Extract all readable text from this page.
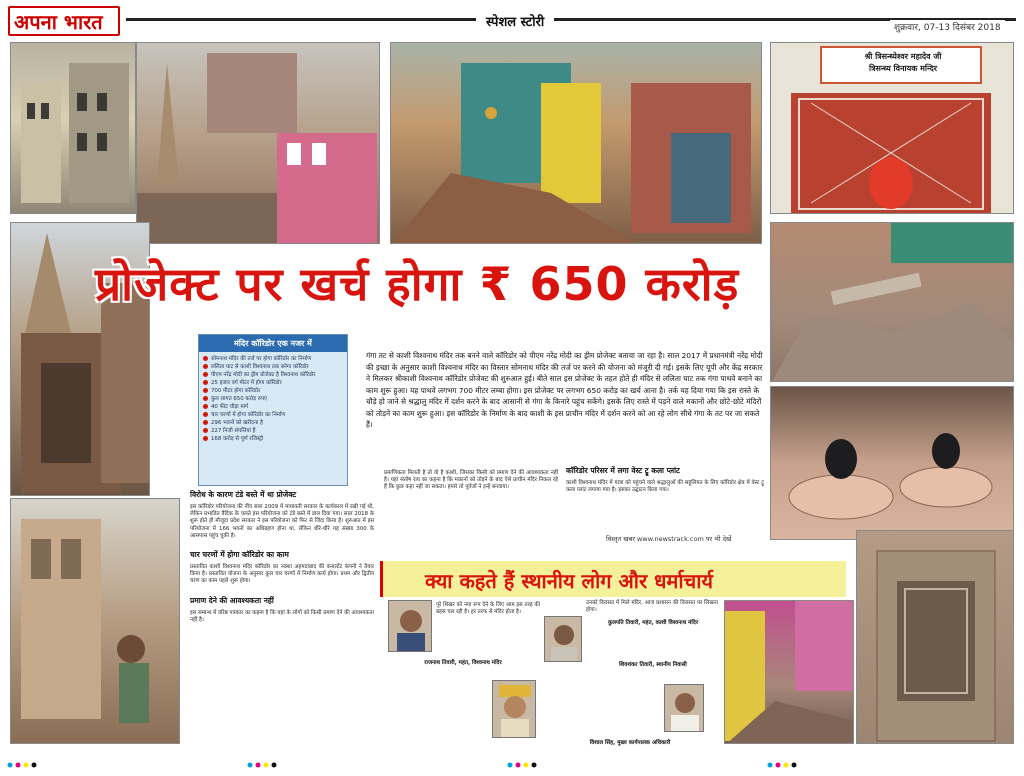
अपना भारत	स्पेशल स्टोरी	शुक्रवार, 07-13 दिसंबर 2018
श्री त्रिसन्ध्येश्वर महादेव जी
त्रिसन्ध्य विनायक मन्दिर
प्रोजेक्ट पर खर्च होगा ₹ 650 करोड़
मंदिर कॉरिडोर एक नजर में
सोमनाथ मंदिर की तर्ज पर होगा कॉरिडोर का निर्माण
ललिता घाट से काशी विश्वनाथ तक बनेगा कॉरिडोर
पीएम नरेंद्र मोदी का ड्रीम प्रोजेक्ट है विश्वनाथ कॉरिडोर
25 हजार वर्ग मीटर में होगा कॉरिडोर
700 मीटर होगा कॉरिडोर
कुल लागत 650 करोड़ रुपए
40 फीट चौड़ा मार्ग
चार चरणों में होगा कॉरिडोर का निर्माण
296 भवनों को खरीदना है
227 निजी संपत्तियां हैं
168 करोड़ से पूर्ण रजिस्ट्री
गंगा तट से काशी विश्वनाथ मंदिर तक बनने वाले कॉरिडोर को पीएम नरेंद्र मोदी का ड्रीम प्रोजेक्ट बताया जा रहा है। साल 2017 में प्रधानमंत्री नरेंद्र मोदी की इच्छा के अनुसार काशी विश्वनाथ मंदिर का विस्तार सोमनाथ मंदिर की तर्ज पर करने की योजना को मंजूरी दी गई। इसके लिए यूपी और केंद्र सरकार ने मिलकर श्रीकाशी विश्वनाथ कॉरिडोर प्रोजेक्ट की शुरुआत हुई। बीते साल इस प्रोजेक्ट के तहत होते ही मंदिर से ललिता घाट तक गंगा पाथवे बनाने का काम शुरू हुआ। यह पाथवे लगभग 700 मीटर लम्बा होगा। इस प्रोजेक्ट पर लगभग 650 करोड़ का खर्च आना है। तर्क यह दिया गया कि इस रास्ते के चौड़े हो जाने से श्रद्धालु मंदिर में दर्शन करने के बाद आसानी से गंगा के किनारे पहुंच सकेंगे। इसके लिए रास्ते में पड़ने वाले मकानों और छोटे-छोटे मंदिरों को तोड़ने का काम शुरू हुआ। इस कॉरिडोर के निर्माण के बाद काशी के इस प्राचीन मंदिर में दर्शन करने को आ रहे लोग सीधे गंगा के तट पर जा सकते हैं।
विरोध के कारण टंडे बस्ते में था प्रोजेक्ट
इस कॉरिडोर परियोजना की नींव साल 2009 में मायावती सरकार के कार्यकाल में रखी गई थी, लेकिन प्रभावित वैदिक के चलते इस परियोजना को टंडे बस्ते में डाल दिया गया। साल 2018 के शुरू होते ही मौजूदा प्रदेश सरकार ने इस परियोजना को फिर से जिंदा किया है। शुरुआत में इस परियोजना में 166 भवनों का अधिग्रहण होना था, लेकिन धीरे-धीरे यह संख्या 300 के आसपास पहुंच चुकी है।
चार चरणों में होगा कॉरिडोर का काम
प्रस्तावित काशी विश्वनाथ मंदिर कॉरिडोर का नक्शा अहमदाबाद की कंसल्टेंट कंपनी ने तैयार किया है। प्रस्तावित योजना के अनुसार कुल चार चरणों में निर्माण कार्य होगा। प्रथम और द्वितीय चरण का काम पहले शुरू होगा।
प्रमाण देने की आवश्यकता नहीं
इस सम्बन्ध में वरिष्ठ पत्रकार का कहना है कि यहां के लोगों को किसी प्रमाण देने की आवश्यकता नहीं है।
प्रमाणिकता मिलती है तो वो है काशी, जिसका किसी को प्रमाण देने की आवश्यकता नहीं है। यहां संतोष राय का कहना है कि मकानों को तोड़ने के बाद ऐसे प्राचीन मंदिर निकल रहे हैं कि कुछ कहा नहीं जा सकता। हमारे तो पूर्वजों ने इन्हें बनवाया।
कॉरिडोर परिसर में लगा वेस्ट ट्रू कला प्लांट
काशी विश्वनाथ मंदिर में यात्रा को पहुंचने वाले श्रद्धालुओं की सहूलियत के लिए कॉरिडोर क्षेत्र में वेस्ट ट्रू कला प्लांट लगाया गया है। इसका उद्घाटन किया गया।
विस्तृत खबर www.newstrack.com पर भी देखें
क्या कहते हैं स्थानीय लोग और धर्माचार्य
पूरे शिखर को नया रूप देने के लिए आम इस तरह की बहस चल रही है। हर तरफ से मंदिर होता है।
राजनाथ तिवारी, महंत, विश्वनाथ मंदिर
उनको विरासत में मिले मंदिर, आज प्रशासन की विरासत पर लिखना होगा।
कुलपति तिवारी, महंत, काशी विश्वनाथ मंदिर
शिवशंकर तिवारी, स्थानीय निवासी
विशाल सिंह, मुख्य कार्यपालक अधिकारी
